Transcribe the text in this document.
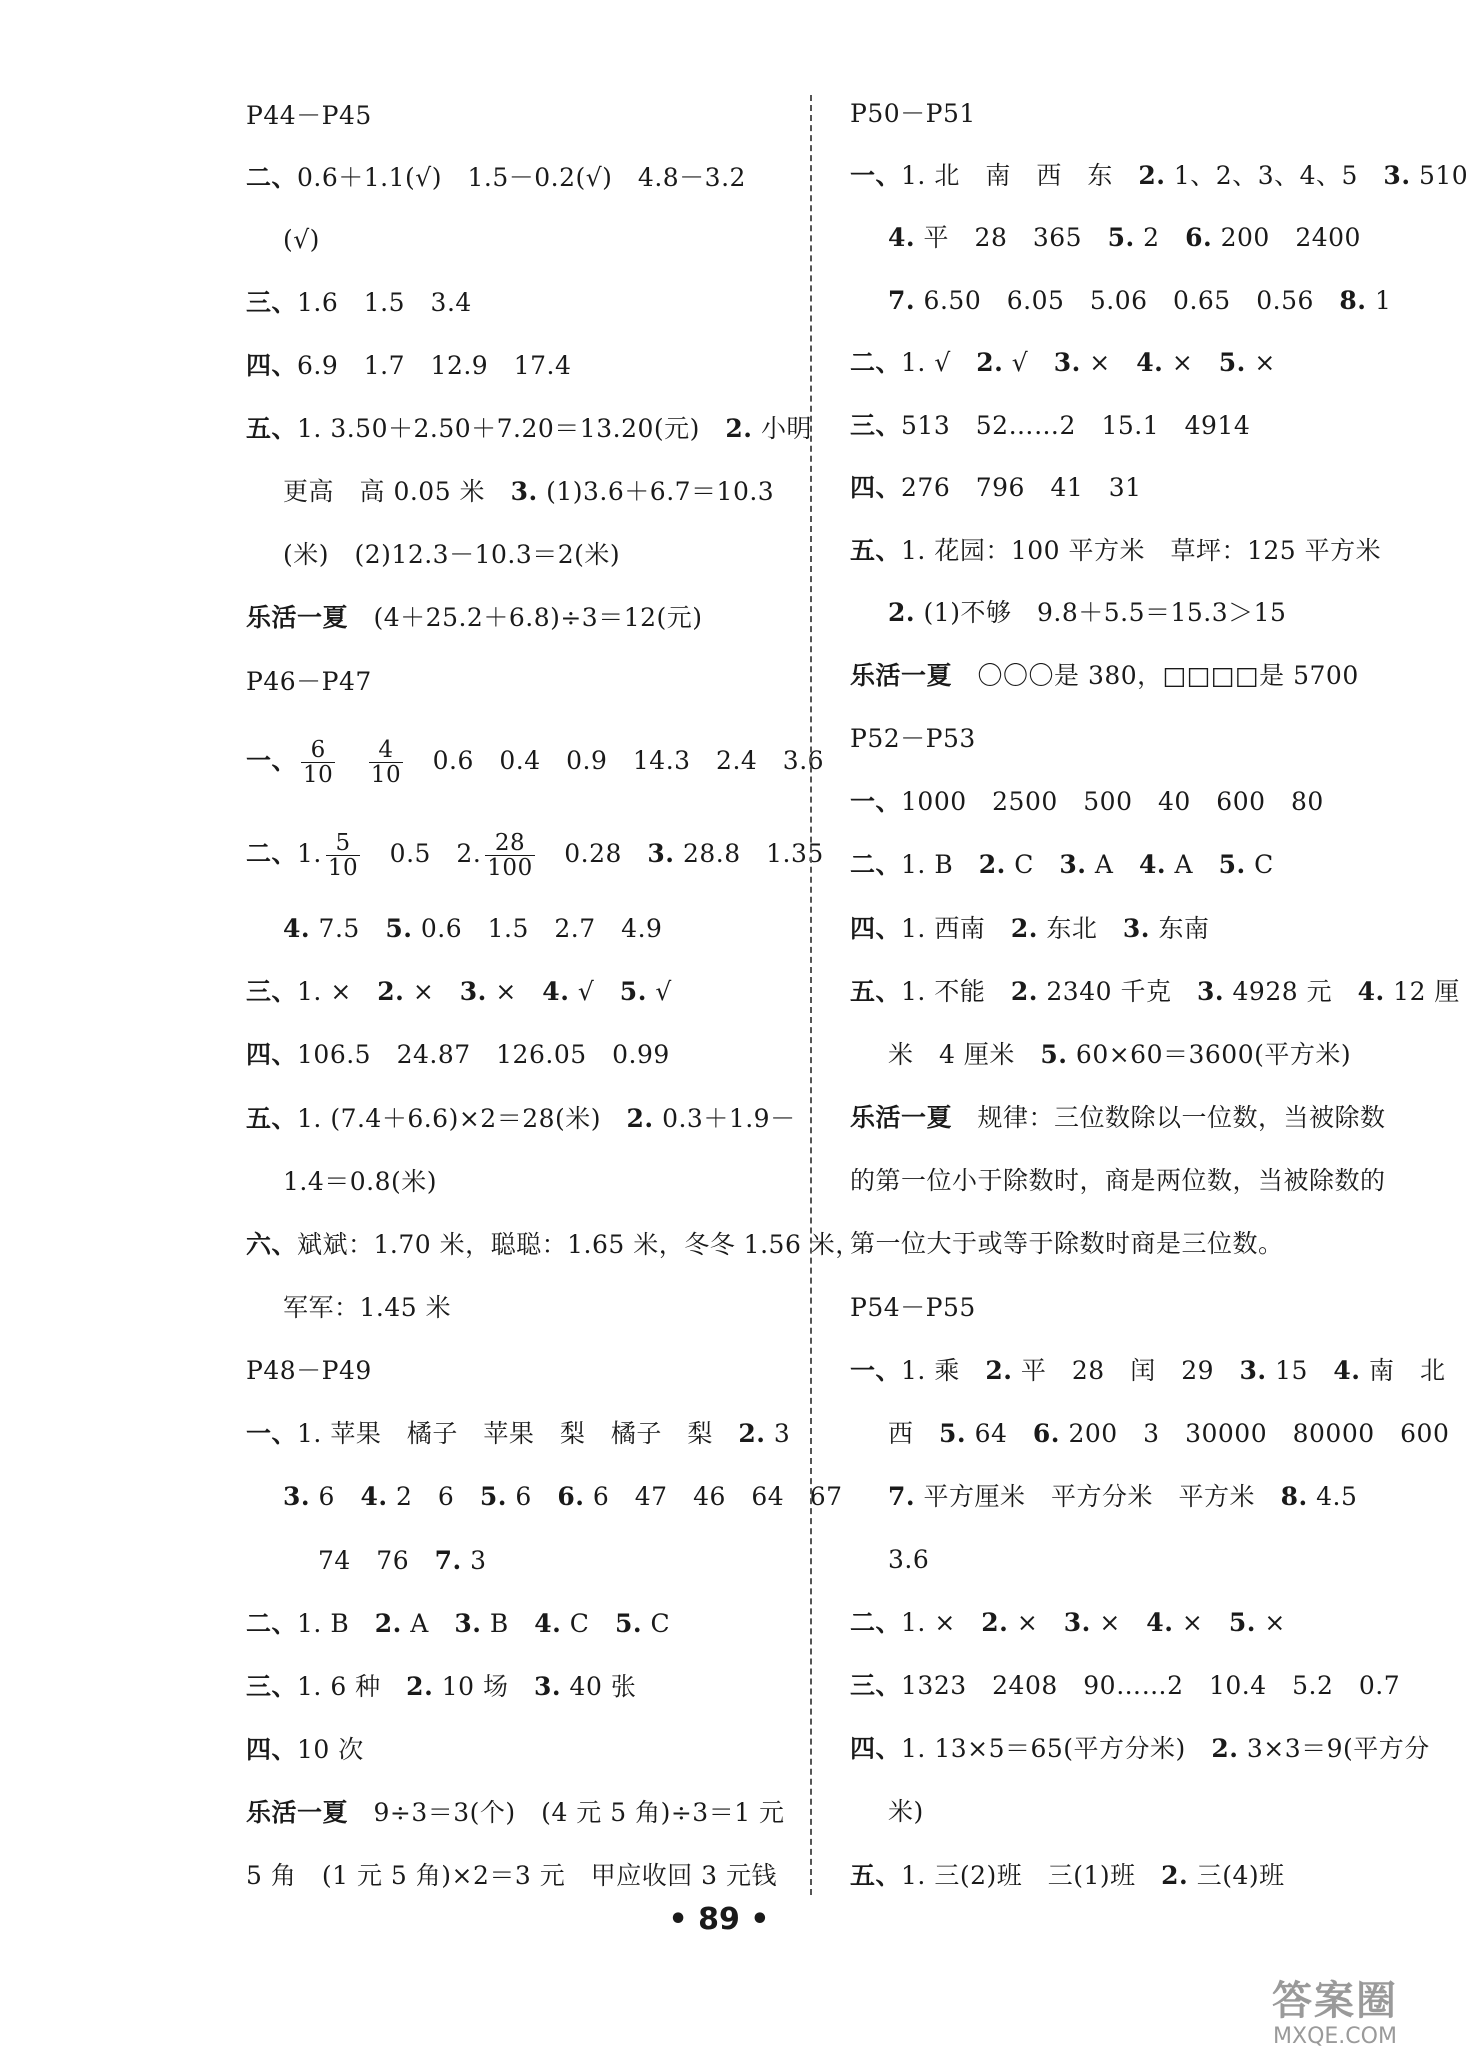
P44－P45
二、0.6＋1.1(√)　1.5－0.2(√)　4.8－3.2
(√)
三、1.6　1.5　3.4
四、6.9　1.7　12.9　17.4
五、1. 3.50＋2.50＋7.20＝13.20(元)　2. 小明
更高　高 0.05 米　3. (1)3.6＋6.7＝10.3
(米)　(2)12.3－10.3＝2(米)
乐活一夏　(4＋25.2＋6.8)÷3＝12(元)
P46－P47
一、 $\frac{6}{10}$
　 $\frac{4}{10}$
　 0.6　0.4　0.9　14.3　2.4　3.6
二、1. $\frac{5}{10}$
　 0.5　2. $\frac{28}{100}$
　 0.28　3. 28.8　1.35
4. 7.5　5. 0.6　1.5　2.7　4.9
三、1. ×　2. ×　3. ×　4. √　5. √
四、106.5　24.87　126.05　0.99
五、1. (7.4＋6.6)×2＝28(米)　2. 0.3＋1.9－
1.4＝0.8(米)
六、斌斌：1.70 米，聪聪：1.65 米，冬冬 1.56 米，
军军：1.45 米
P48－P49
一、1. 苹果　橘子　苹果　梨　橘子　梨　2. 3
3. 6　4. 2　6　5. 6　6. 6　47　46　64　67
74　76　7. 3
二、1. B　2. A　3. B　4. C　5. C
三、1. 6 种　2. 10 场　3. 40 张
四、10 次
乐活一夏　9÷3＝3(个)　(4 元 5 角)÷3＝1 元
5 角　(1 元 5 角)×2＝3 元　甲应收回 3 元钱
P50－P51
一、1. 北　南　西　东　2. 1、2、3、4、5　3. 510
4. 平　28　365　5. 2　6. 200　2400
7. 6.50　6.05　5.06　0.65　0.56　8. 1
二、1. √　2. √　3. ×　4. ×　5. ×
三、513　52……2　15.1　4914
四、276　796　41　31
五、1. 花园：100 平方米　草坪：125 平方米
2. (1)不够　9.8＋5.5＝15.3＞15
乐活一夏　〇〇〇是 380，□□□□是 5700
P52－P53
一、1000　2500　500　40　600　80
二、1. B　2. C　3. A　4. A　5. C
四、1. 西南　2. 东北　3. 东南
五、1. 不能　2. 2340 千克　3. 4928 元　4. 12 厘
米　4 厘米　5. 60×60＝3600(平方米)
乐活一夏　规律：三位数除以一位数，当被除数
的第一位小于除数时，商是两位数，当被除数的
第一位大于或等于除数时商是三位数。
P54－P55
一、1. 乘　2. 平　28　闰　29　3. 15　4. 南　北
西　5. 64　6. 200　3　30000　80000　600
7. 平方厘米　平方分米　平方米　8. 4.5
3.6
二、1. ×　2. ×　3. ×　4. ×　5. ×
三、1323　2408　90……2　10.4　5.2　0.7
四、1. 13×5＝65(平方分米)　2. 3×3＝9(平方分
米)
五、1. 三(2)班　三(1)班　2. 三(4)班
• 89 •
答案圈
MXQE.COM
